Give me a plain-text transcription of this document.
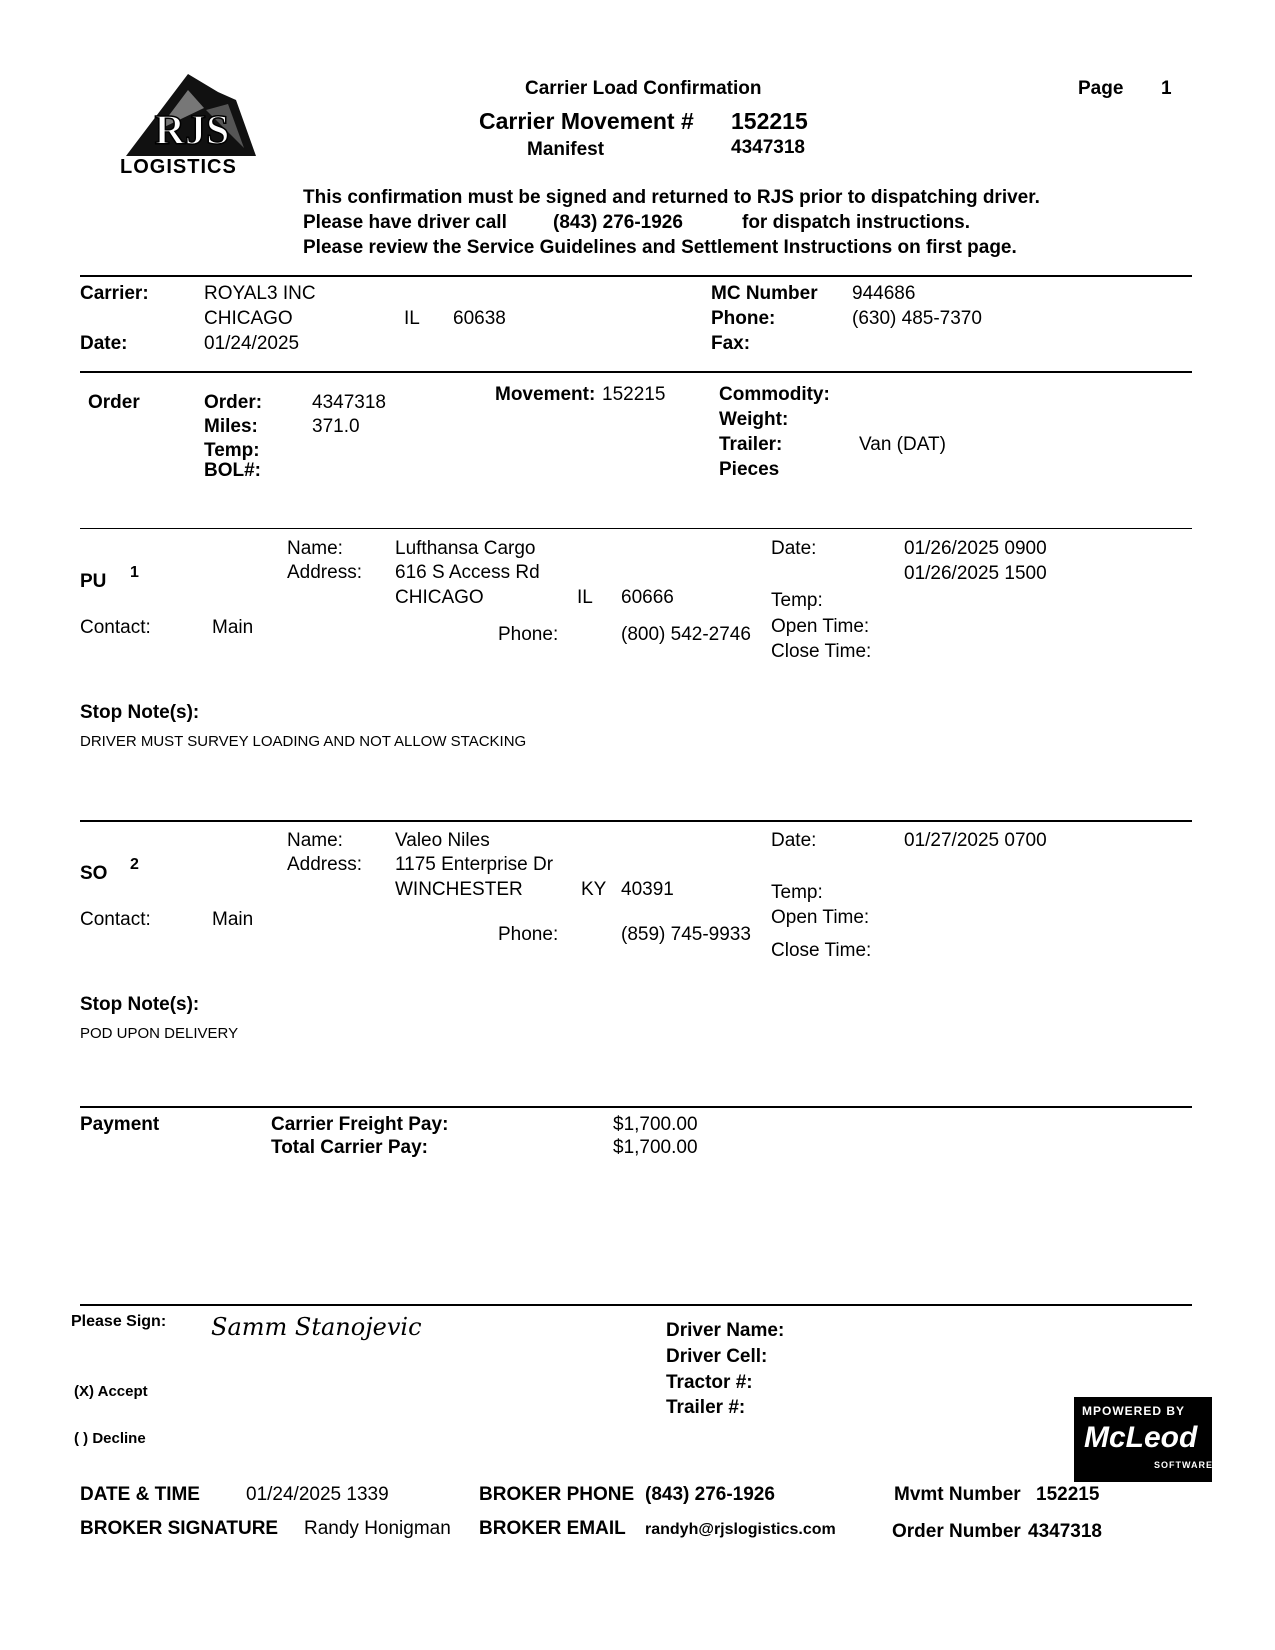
RJS
LOGISTICS
Carrier Load Confirmation	Page 1
Carrier Movement # 152215
Manifest	4347318
This confirmation must be signed and returned to RJS prior to dispatching driver.
Please have driver call (843) 276-1926	for dispatch instructions.
Please review the Service Guidelines and Settlement Instructions on first page.
Carrier:	ROYAL3 INC
CHICAGO	IL 60638
Date:	01/24/2025
MC Number 944686
Phone:	(630) 485-7370
Fax:
Order	Order:	4347318
Miles:	371.0
Temp:
BOL#:
Movement: 152215	Commodity:
Weight:
Trailer:	Van (DAT)
Pieces
PU 1
Name:	Lufthansa Cargo
Address: 616 S Access Rd
CHICAGO	IL 60666
Date:	01/26/2025 0900
01/26/2025 1500
Temp:
Open Time:
Close Time:
Contact:	Main	Phone:	(800) 542-2746
Stop Note(s):
DRIVER MUST SURVEY LOADING AND NOT ALLOW STACKING
SO 2
Name:	Valeo Niles
Address: 1175 Enterprise Dr
WINCHESTER	KY 40391
Date:	01/27/2025 0700
Temp:
Open Time:
Close Time:
Contact:	Main
Phone:	(859) 745-9933
Stop Note(s):
POD UPON DELIVERY
Payment	Carrier Freight Pay:	$1,700.00
Total Carrier Pay:	$1,700.00
Please Sign: Samm Stanojevic
(X) Accept
( ) Decline
Driver Name:
Driver Cell:
Tractor #:
Trailer #:	MPOWERED BY
McLeod
SOFTWARE
DATE & TIME 01/24/2025 1339
BROKER SIGNATURE Randy Honigman
BROKER PHONE (843) 276-1926
BROKER EMAIL randyh@rjslogistics.com
Mvmt Number 152215
Order Number 4347318
